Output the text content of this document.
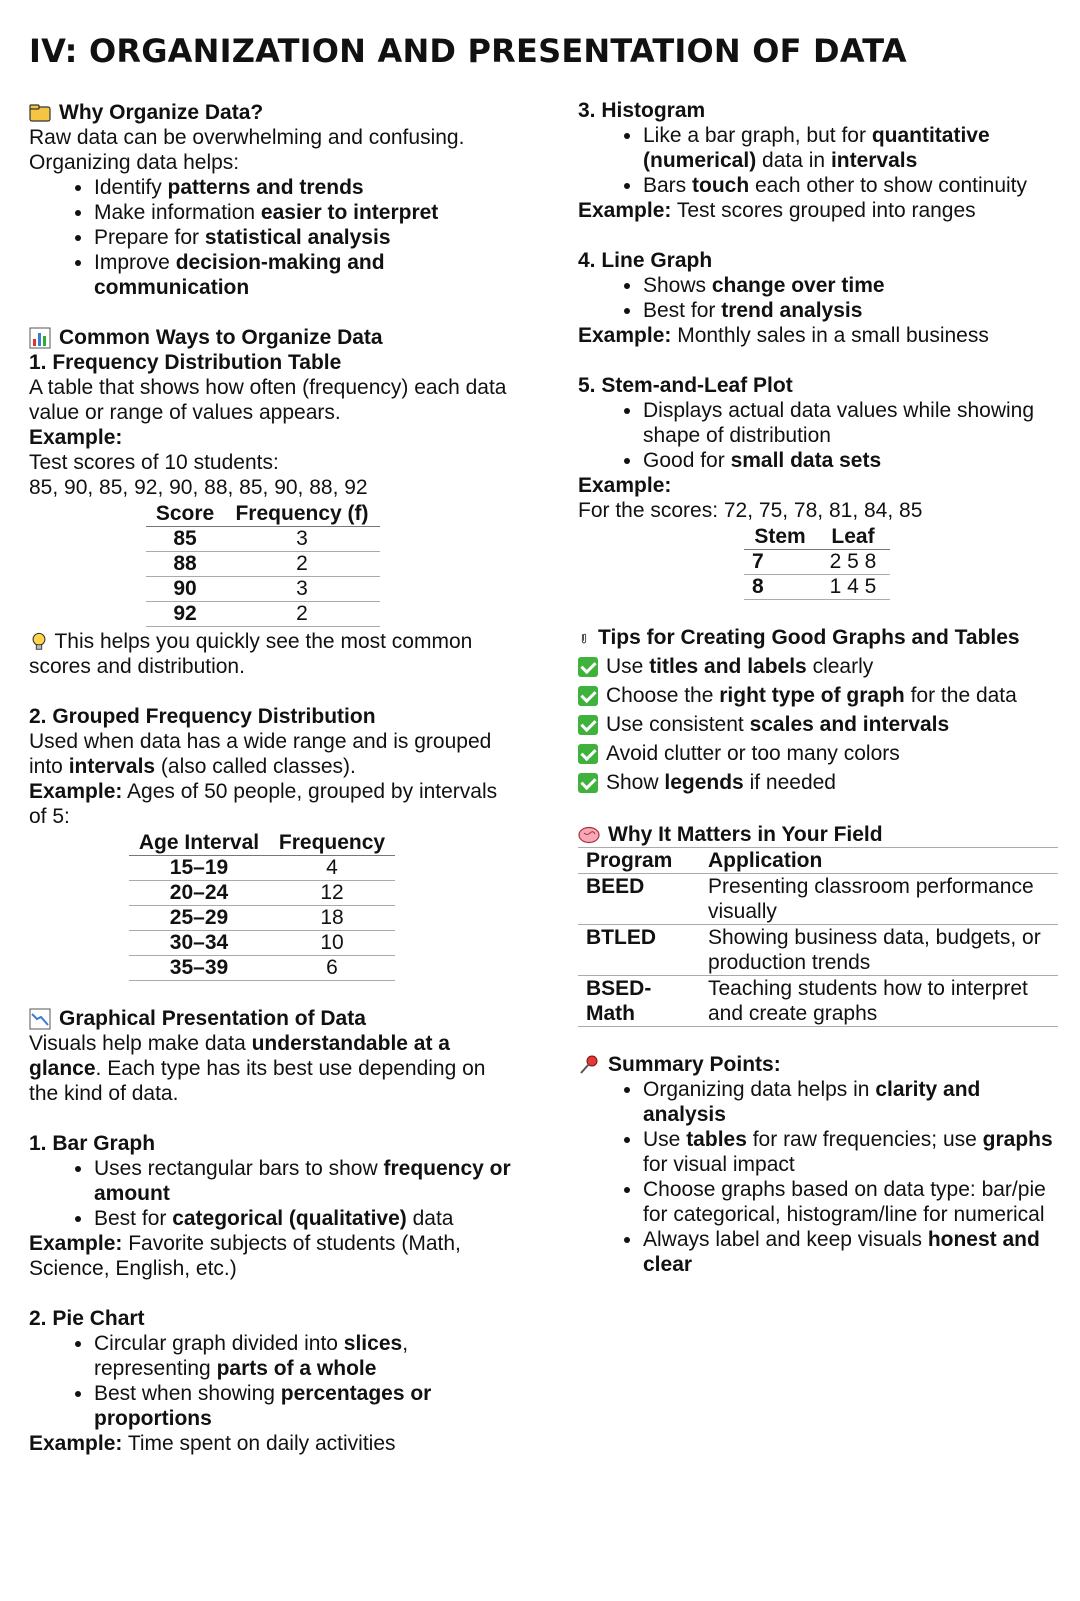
IV: ORGANIZATION AND PRESENTATION OF DATA

Why Organize Data?

Raw data can be overwhelming and confusing.

Organizing data helps:

• Identify patterns and trends
• Make information easier to interpret
• Prepare for statistical analysis
• Improve decision-making and communication

Common Ways to Organize Data

1. Frequency Distribution Table

A table that shows how often (frequency) each data value or range of values appears.

Example:

Test scores of 10 students:

85, 90, 85, 92, 90, 88, 85, 90, 88, 92

Score	Frequency (f)
85	3
88	2
90	3
92	2

This helps you quickly see the most common scores and distribution.

2. Grouped Frequency Distribution

Used when data has a wide range and is grouped into intervals (also called classes).

Example: Ages of 50 people, grouped by intervals of 5:

Age Interval	Frequency
15–19	4
20–24	12
25–29	18
30–34	10
35–39	6

Graphical Presentation of Data

Visuals help make data understandable at a glance. Each type has its best use depending on the kind of data.

1. Bar Graph

• Uses rectangular bars to show frequency or amount
• Best for categorical (qualitative) data

Example: Favorite subjects of students (Math, Science, English, etc.)

2. Pie Chart

• Circular graph divided into slices, representing parts of a whole
• Best when showing percentages or proportions

Example: Time spent on daily activities

3. Histogram

• Like a bar graph, but for quantitative (numerical) data in intervals
• Bars touch each other to show continuity

Example: Test scores grouped into ranges

4. Line Graph

• Shows change over time
• Best for trend analysis

Example: Monthly sales in a small business

5. Stem-and-Leaf Plot

• Displays actual data values while showing shape of distribution
• Good for small data sets

Example:

For the scores: 72, 75, 78, 81, 84, 85

Stem	Leaf
7	2 5 8
8	1 4 5

Tips for Creating Good Graphs and Tables

Use titles and labels clearly
Choose the right type of graph for the data
Use consistent scales and intervals
Avoid clutter or too many colors
Show legends if needed

Why It Matters in Your Field

Program	Application
BEED	Presenting classroom performance visually
BTLED	Showing business data, budgets, or production trends
BSED-Math	Teaching students how to interpret and create graphs

Summary Points:

• Organizing data helps in clarity and analysis
• Use tables for raw frequencies; use graphs for visual impact
• Choose graphs based on data type: bar/pie for categorical, histogram/line for numerical
• Always label and keep visuals honest and clear
